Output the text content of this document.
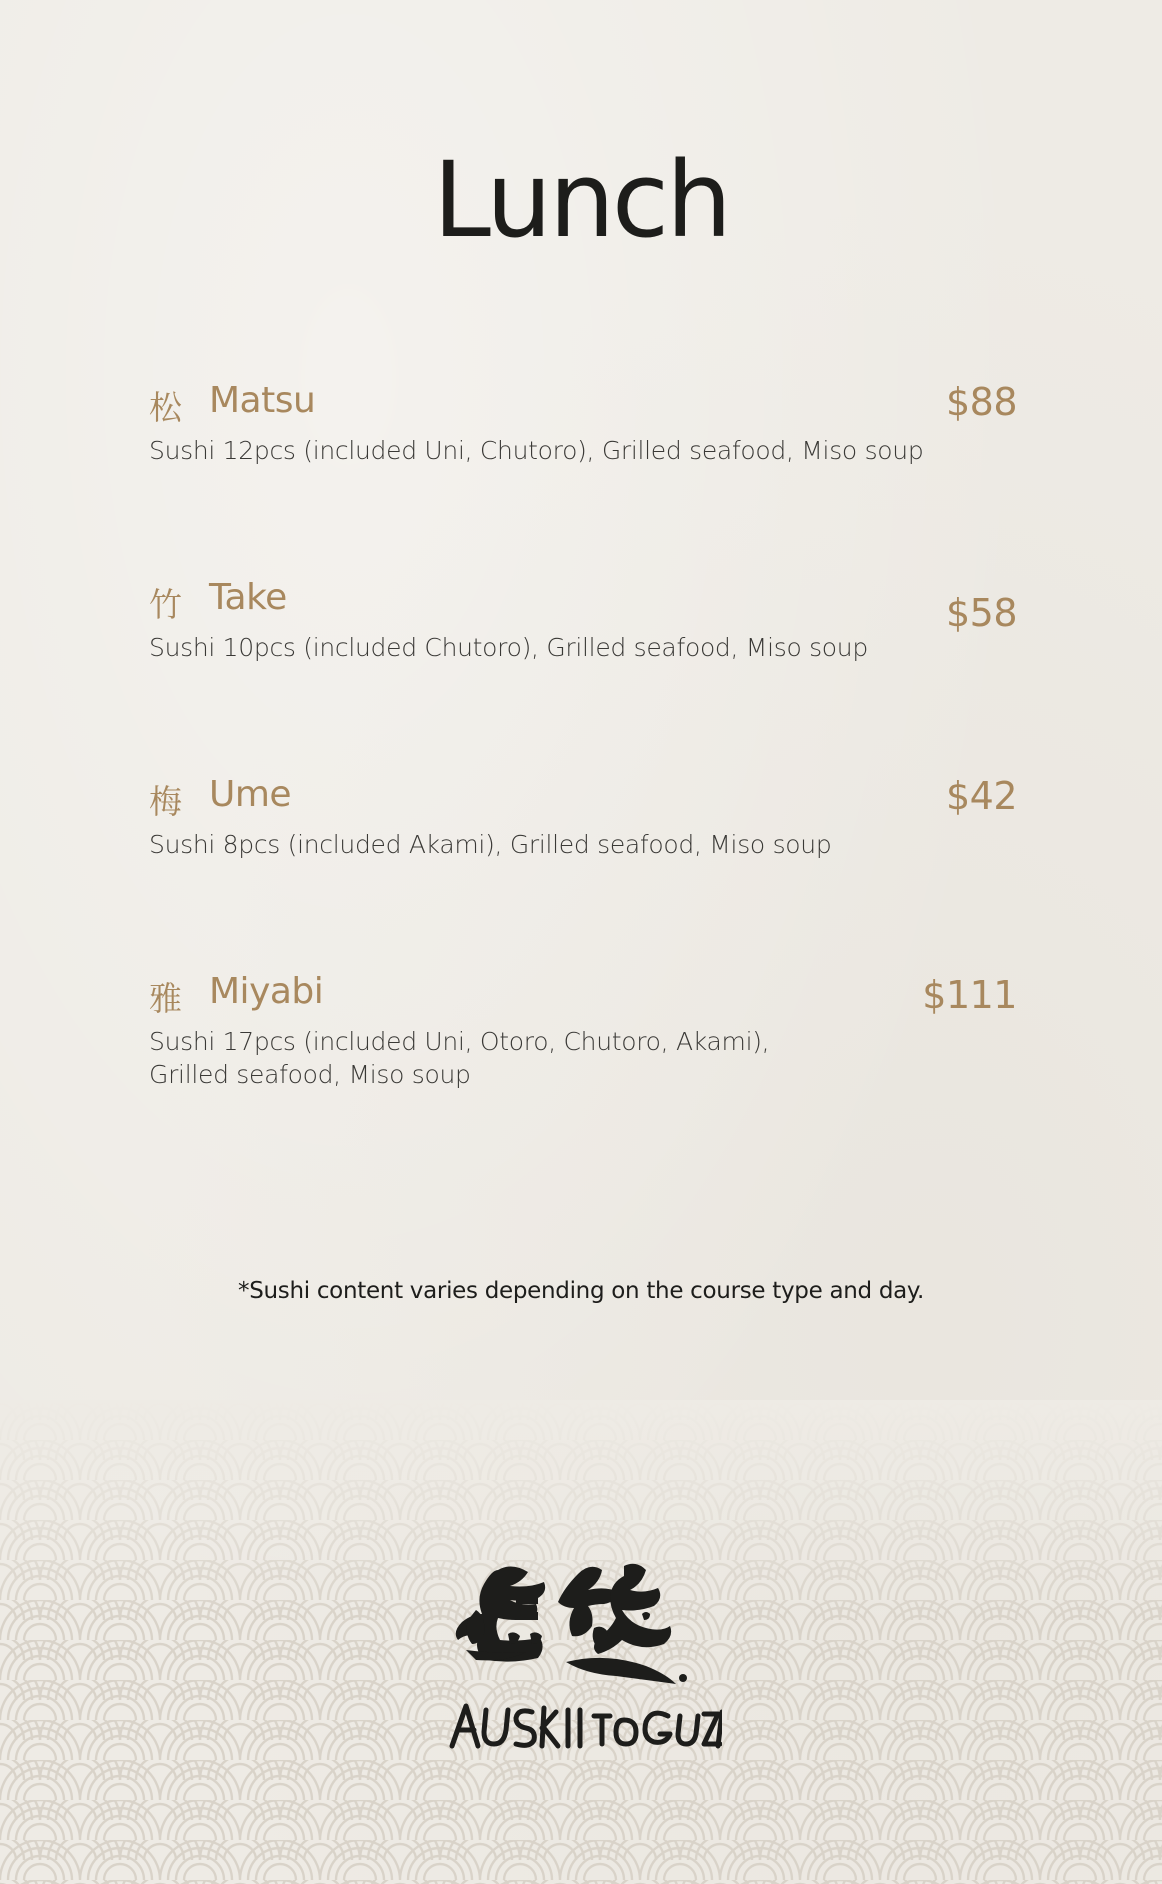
Lunch
松 Matsu	$88
Sushi 12pcs (included Uni, Chutoro), Grilled seafood, Miso soup
竹 Take	$58
Sushi 10pcs (included Chutoro), Grilled seafood, Miso soup
梅 Ume	$42
Sushi 8pcs (included Akami), Grilled seafood, Miso soup
雅 Miyabi	$111
Sushi 17pcs (included Uni, Otoro, Chutoro, Akami),
Grilled seafood, Miso soup
*Sushi content varies depending on the course type and day.
